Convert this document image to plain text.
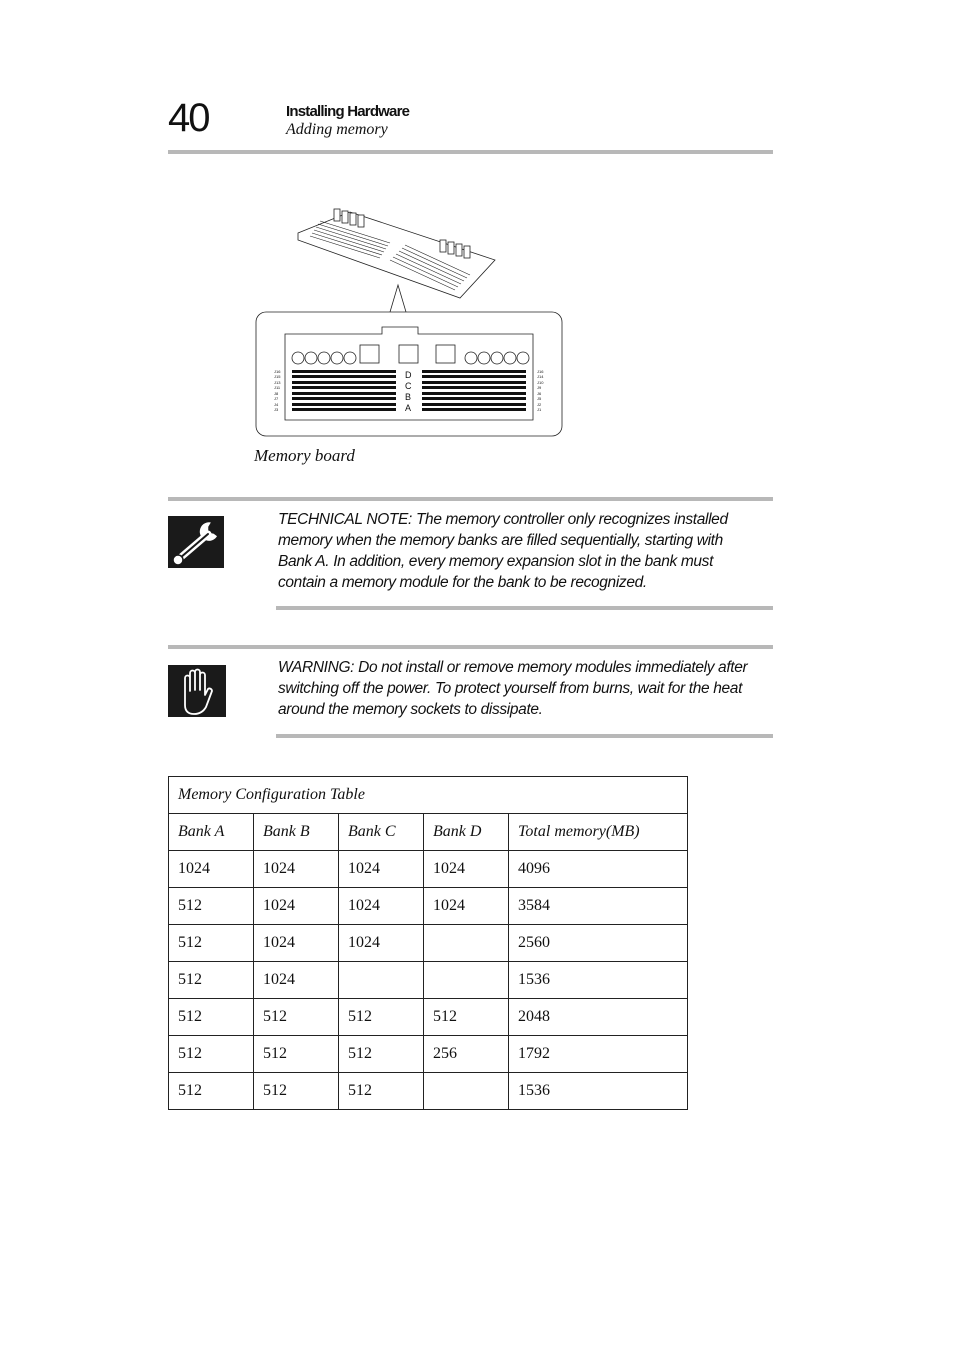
40	Installing Hardware
Adding memory
D
C
B
A
J16
J15
J13
J11
J8
J7
J4
J3
J16
J14
J10
J9
J6
J5
J2
J1
Memory board
TECHNICAL NOTE: The memory controller only recognizes installed memory when the memory banks are filled sequentially, starting with Bank A. In addition, every memory expansion slot in the bank must contain a memory module for the bank to be recognized.
WARNING: Do not install or remove memory modules immediately after switching off the power. To protect yourself from burns, wait for the heat around the memory sockets to dissipate.
Memory Configuration Table				
Bank A	Bank B	Bank C	Bank D	Total memory(MB)
1024	1024	1024	1024	4096
512	1024	1024	1024	3584
512	1024	1024		2560
512	1024			1536
512	512	512	512	2048
512	512	512	256	1792
512	512	512		1536
